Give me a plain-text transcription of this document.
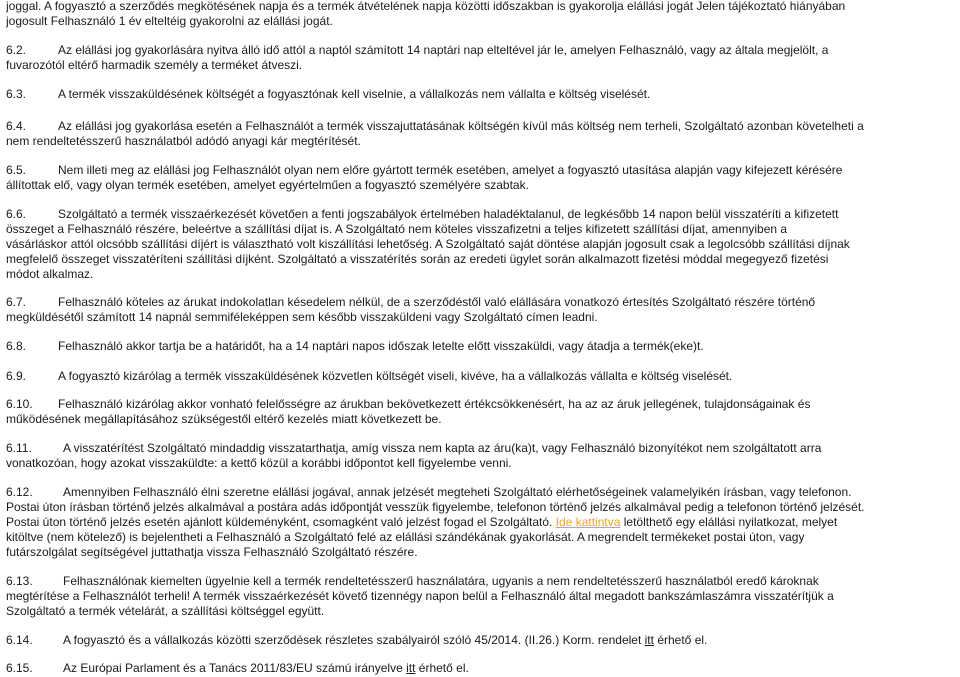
joggal. A fogyasztó a szerződés megkötésének napja és a termék átvételének napja közötti időszakban is gyakorolja elállási jogát Jelen tájékoztató hiányában
jogosult Felhasználó 1 év elteltéig gyakorolni az elállási jogát.

6.2.	Az elállási jog gyakorlására nyitva álló idő attól a naptól számított 14 naptári nap elteltével jár le, amelyen Felhasználó, vagy az általa megjelölt, a
fuvarozótól eltérő harmadik személy a terméket átveszi.

6.3.	A termék visszaküldésének költségét a fogyasztónak kell viselnie, a vállalkozás nem vállalta e költség viselését.

6.4.	Az elállási jog gyakorlása esetén a Felhasználót a termék visszajuttatásának költségén kívül más költség nem terheli, Szolgáltató azonban követelheti a
nem rendeltetésszerű használatból adódó anyagi kár megtérítését.

6.5.	Nem illeti meg az elállási jog Felhasználót olyan nem előre gyártott termék esetében, amelyet a fogyasztó utasítása alapján vagy kifejezett kérésére
állítottak elő, vagy olyan termék esetében, amelyet egyértelműen a fogyasztó személyére szabtak.

6.6.	Szolgáltató a termék visszaérkezését követően a fenti jogszabályok értelmében haladéktalanul, de legkésőbb 14 napon belül visszatéríti a kifizetett
összeget a Felhasználó részére, beleértve a szállítási díjat is. A Szolgáltató nem köteles visszafizetni a teljes kifizetett szállítási díjat, amennyiben a
vásárláskor attól olcsóbb szállítási díjért is választható volt kiszállítási lehetőség. A Szolgáltató saját döntése alapján jogosult csak a legolcsóbb szállítási díjnak
megfelelő összeget visszatéríteni szállítási díjként. Szolgáltató a visszatérítés során az eredeti ügylet során alkalmazott fizetési móddal megegyező fizetési
módot alkalmaz.

6.7.	Felhasználó köteles az árukat indokolatlan késedelem nélkül, de a szerződéstől való elállására vonatkozó értesítés Szolgáltató részére történő
megküldésétől számított 14 napnál semmiféleképpen sem később visszaküldeni vagy Szolgáltató címen leadni.

6.8.	Felhasználó akkor tartja be a határidőt, ha a 14 naptári napos időszak letelte előtt visszaküldi, vagy átadja a termék(eke)t.

6.9.	A fogyasztó kizárólag a termék visszaküldésének közvetlen költségét viseli, kivéve, ha a vállalkozás vállalta e költség viselését.

6.10. Felhasználó kizárólag akkor vonható felelősségre az árukban bekövetkezett értékcsökkenésért, ha az az áruk jellegének, tulajdonságainak és
működésének megállapításához szükségestől eltérő kezelés miatt következett be.

6.11.	A visszatérítést Szolgáltató mindaddig visszatarthatja, amíg vissza nem kapta az áru(ka)t, vagy Felhasználó bizonyítékot nem szolgáltatott arra
vonatkozóan, hogy azokat visszaküldte: a kettő közül a korábbi időpontot kell figyelembe venni.

6.12.	Amennyiben Felhasználó élni szeretne elállási jogával, annak jelzését megteheti Szolgáltató elérhetőségeinek valamelyikén írásban, vagy telefonon.
Postai úton írásban történő jelzés alkalmával a postára adás időpontját vesszük figyelembe, telefonon történő jelzés alkalmával pedig a telefonon történő jelzését.
Postai úton történő jelzés esetén ajánlott küldeményként, csomagként való jelzést fogad el Szolgáltató. Ide kattintva letölthető egy elállási nyilatkozat, melyet
kitöltve (nem kötelező) is bejelentheti a Felhasználó a Szolgáltató felé az elállási szándékának gyakorlását. A megrendelt termékeket postai úton, vagy
futárszolgálat segítségével juttathatja vissza Felhasználó Szolgáltató részére.

6.13.	Felhasználónak kiemelten ügyelnie kell a termék rendeltetésszerű használatára, ugyanis a nem rendeltetésszerű használatból eredő károknak
megtérítése a Felhasználót terheli! A termék visszaérkezését követő tizennégy napon belül a Felhasználó által megadott bankszámlaszámra visszatérítjük a
Szolgáltató a termék vételárát, a szállítási költséggel együtt.

6.14.	A fogyasztó és a vállalkozás közötti szerződések részletes szabályairól szóló 45/2014. (II.26.) Korm. rendelet itt érhető el.

6.15.	Az Európai Parlament és a Tanács 2011/83/EU számú irányelve itt érhető el.
